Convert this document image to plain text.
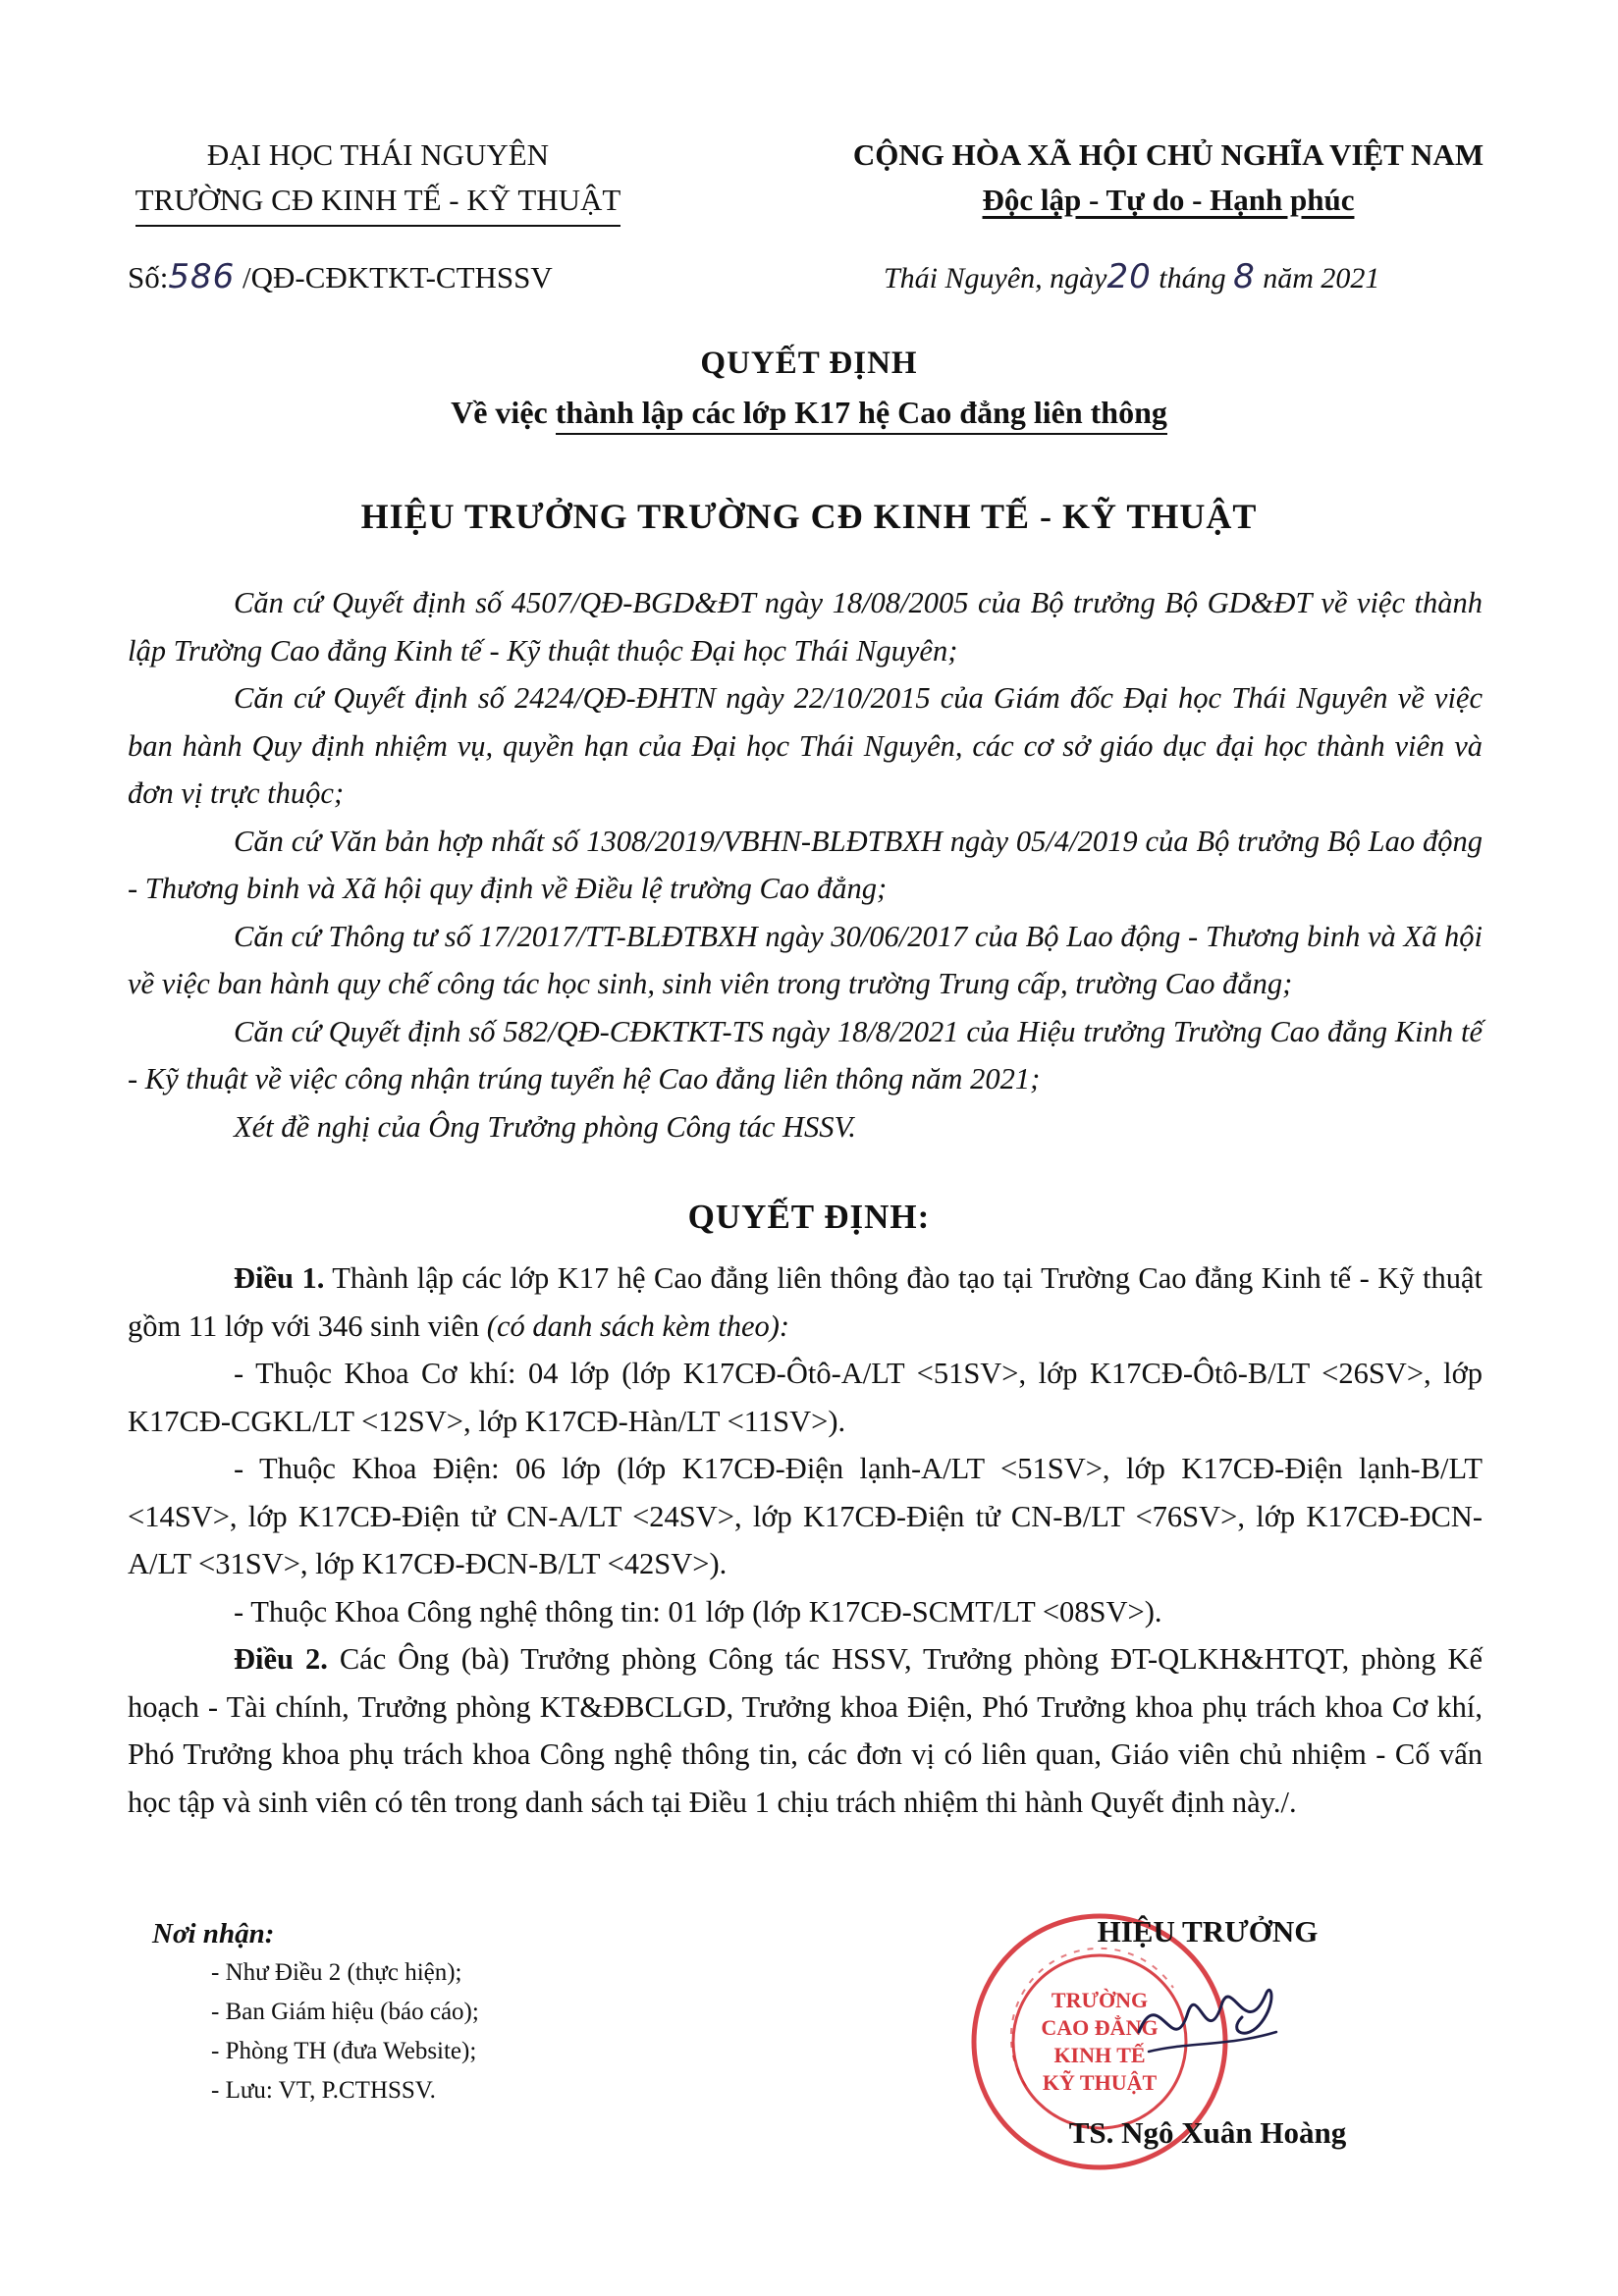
ĐẠI HỌC THÁI NGUYÊN
TRƯỜNG CĐ KINH TẾ - KỸ THUẬT
CỘNG HÒA XÃ HỘI CHỦ NGHĨA VIỆT NAM
Độc lập - Tự do - Hạnh phúc
Số:586 /QĐ-CĐKTKT-CTHSSV	Thái Nguyên, ngày20 tháng 8 năm 2021
QUYẾT ĐỊNH
Về việc thành lập các lớp K17 hệ Cao đẳng liên thông
HIỆU TRƯỞNG TRƯỜNG CĐ KINH TẾ - KỸ THUẬT

Căn cứ Quyết định số 4507/QĐ-BGD&ĐT ngày 18/08/2005 của Bộ trưởng Bộ GD&ĐT về việc thành lập Trường Cao đẳng Kinh tế - Kỹ thuật thuộc Đại học Thái Nguyên;

Căn cứ Quyết định số 2424/QĐ-ĐHTN ngày 22/10/2015 của Giám đốc Đại học Thái Nguyên về việc ban hành Quy định nhiệm vụ, quyền hạn của Đại học Thái Nguyên, các cơ sở giáo dục đại học thành viên và đơn vị trực thuộc;

Căn cứ Văn bản hợp nhất số 1308/2019/VBHN-BLĐTBXH ngày 05/4/2019 của Bộ trưởng Bộ Lao động - Thương binh và Xã hội quy định về Điều lệ trường Cao đẳng;

Căn cứ Thông tư số 17/2017/TT-BLĐTBXH ngày 30/06/2017 của Bộ Lao động - Thương binh và Xã hội về việc ban hành quy chế công tác học sinh, sinh viên trong trường Trung cấp, trường Cao đẳng;

Căn cứ Quyết định số 582/QĐ-CĐKTKT-TS ngày 18/8/2021 của Hiệu trưởng Trường Cao đẳng Kinh tế - Kỹ thuật về việc công nhận trúng tuyển hệ Cao đẳng liên thông năm 2021;

Xét đề nghị của Ông Trưởng phòng Công tác HSSV.

QUYẾT ĐỊNH:

Điều 1. Thành lập các lớp K17 hệ Cao đẳng liên thông đào tạo tại Trường Cao đẳng Kinh tế - Kỹ thuật gồm 11 lớp với 346 sinh viên (có danh sách kèm theo):

- Thuộc Khoa Cơ khí: 04 lớp (lớp K17CĐ-Ôtô-A/LT <51SV>, lớp K17CĐ-Ôtô-B/LT <26SV>, lớp K17CĐ-CGKL/LT <12SV>, lớp K17CĐ-Hàn/LT <11SV>).

- Thuộc Khoa Điện: 06 lớp (lớp K17CĐ-Điện lạnh-A/LT <51SV>, lớp K17CĐ-Điện lạnh-B/LT <14SV>, lớp K17CĐ-Điện tử CN-A/LT <24SV>, lớp K17CĐ-Điện tử CN-B/LT <76SV>, lớp K17CĐ-ĐCN-A/LT <31SV>, lớp K17CĐ-ĐCN-B/LT <42SV>).

- Thuộc Khoa Công nghệ thông tin: 01 lớp (lớp K17CĐ-SCMT/LT <08SV>).

Điều 2. Các Ông (bà) Trưởng phòng Công tác HSSV, Trưởng phòng ĐT-QLKH&HTQT, phòng Kế hoạch - Tài chính, Trưởng phòng KT&ĐBCLGD, Trưởng khoa Điện, Phó Trưởng khoa phụ trách khoa Cơ khí, Phó Trưởng khoa phụ trách khoa Công nghệ thông tin, các đơn vị có liên quan, Giáo viên chủ nhiệm - Cố vấn học tập và sinh viên có tên trong danh sách tại Điều 1 chịu trách nhiệm thi hành Quyết định này./.

Nơi nhận:
- Như Điều 2 (thực hiện);
- Ban Giám hiệu (báo cáo);
- Phòng TH (đưa Website);
- Lưu: VT, P.CTHSSV.
TRƯỜNG
CAO ĐẲNG
KINH TẾ
KỸ THUẬT
HIỆU TRƯỞNG
TS. Ngô Xuân Hoàng
